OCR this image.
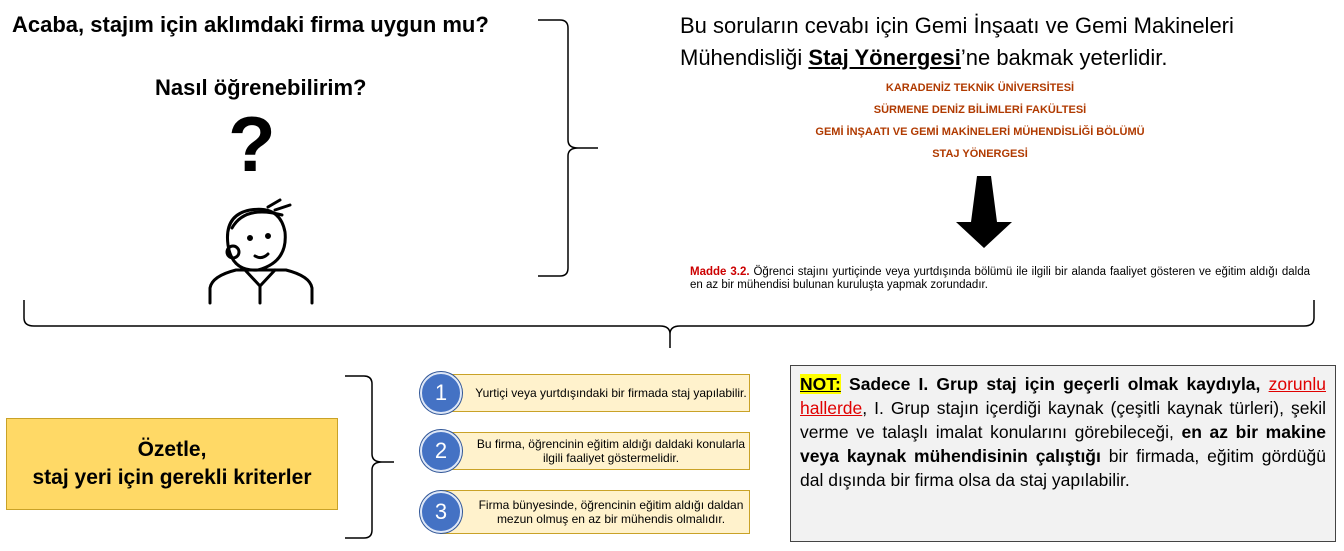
Acaba, stajım için aklımdaki firma uygun mu?
Nasıl öğrenebilirim?
?
Bu soruların cevabı için Gemi İnşaatı ve Gemi Makineleri Mühendisliği Staj Yönergesi’ne bakmak yeterlidir.
KARADENİZ TEKNİK ÜNİVERSİTESİ
SÜRMENE DENİZ BİLİMLERİ FAKÜLTESİ
GEMİ İNŞAATI VE GEMİ MAKİNELERİ MÜHENDİSLİĞİ BÖLÜMÜ
STAJ YÖNERGESİ
Madde 3.2. Öğrenci stajını yurtiçinde veya yurtdışında bölümü ile ilgili bir alanda faaliyet gösteren ve eğitim aldığı dalda en az bir mühendisi bulunan kuruluşta yapmak zorundadır.
Özetle,
staj yeri için gerekli kriterler
Yurtiçi veya yurtdışındaki bir firmada staj yapılabilir.
1
Bu firma, öğrencinin eğitim aldığı daldaki konularla ilgili faaliyet göstermelidir.
2
Firma bünyesinde, öğrencinin eğitim aldığı daldan mezun olmuş en az bir mühendis olmalıdır.
3
NOT: Sadece I. Grup staj için geçerli olmak kaydıyla, zorunlu hallerde, I. Grup stajın içerdiği kaynak (çeşitli kaynak türleri), şekil verme ve talaşlı imalat konularını görebileceği, en az bir makine veya kaynak mühendisinin çalıştığı bir firmada, eğitim gördüğü dal dışında bir firma olsa da staj yapılabilir.
